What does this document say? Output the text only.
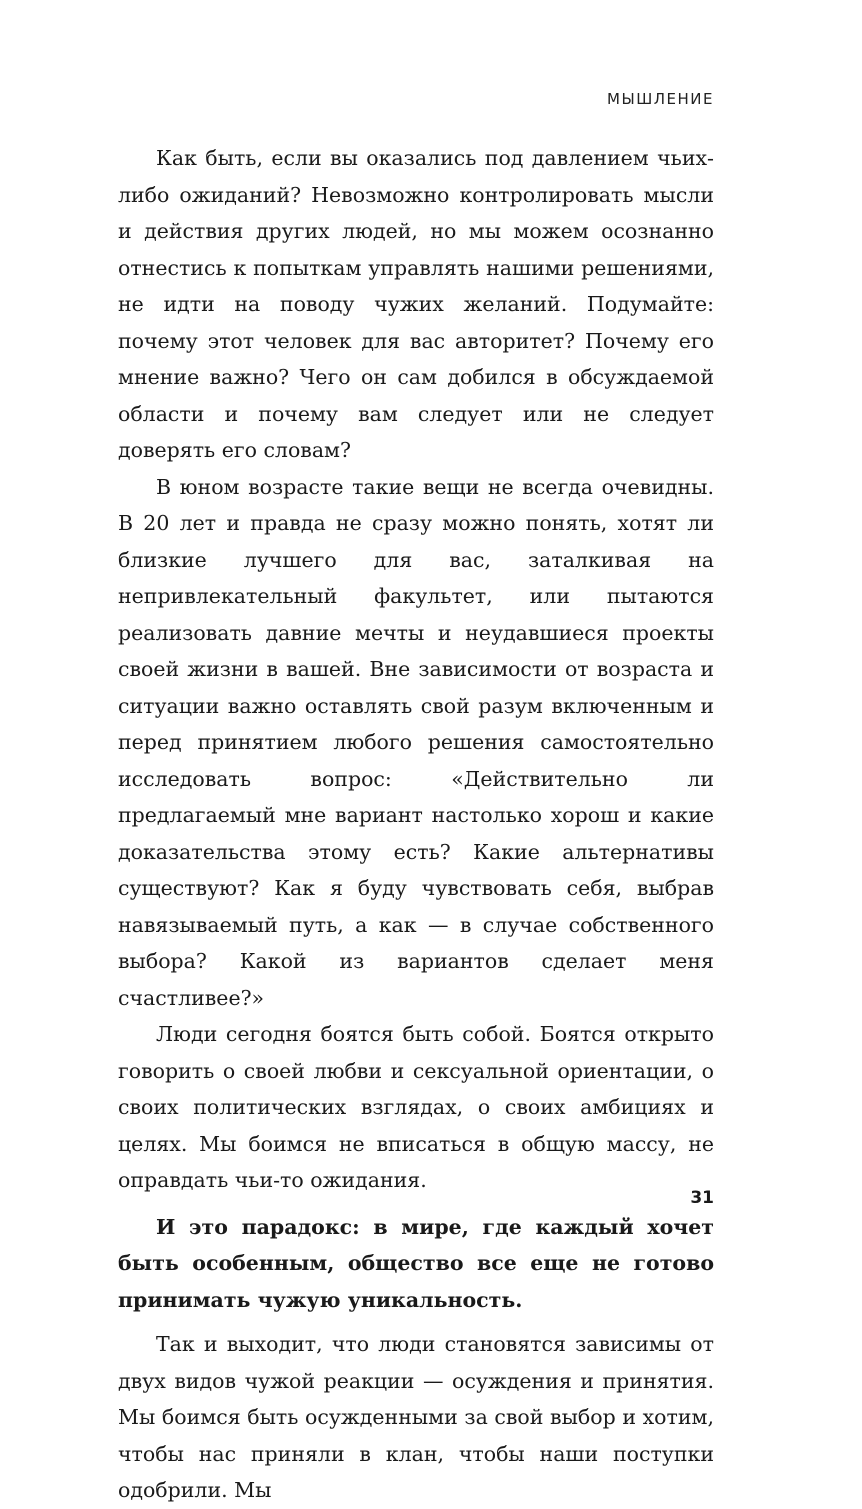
МЫШЛЕНИЕ

Как быть, если вы оказались под давлением чьих-либо ожиданий? Невозможно контролировать мысли и действия других людей, но мы можем осознанно отнестись к попыткам управлять нашими решениями, не идти на поводу чужих желаний. Подумайте: почему этот человек для вас авторитет? Почему его мнение важно? Чего он сам добился в обсуждаемой области и почему вам следует или не следует доверять его словам?

В юном возрасте такие вещи не всегда очевидны. В 20 лет и правда не сразу можно понять, хотят ли близкие лучшего для вас, заталкивая на непривлекательный факультет, или пытаются реализовать давние мечты и неудавшиеся проекты своей жизни в вашей. Вне зависимости от возраста и ситуации важно оставлять свой разум включенным и перед принятием любого решения самостоятельно исследовать вопрос: «Действительно ли предлагаемый мне вариант настолько хорош и какие доказательства этому есть? Какие альтернативы существуют? Как я буду чувствовать себя, выбрав навязываемый путь, а как — в случае собственного выбора? Какой из вариантов сделает меня счастливее?»

Люди сегодня боятся быть собой. Боятся открыто говорить о своей любви и сексуальной ориентации, о своих политических взглядах, о своих амбициях и целях. Мы боимся не вписаться в общую массу, не оправдать чьи-то ожидания.

И это парадокс: в мире, где каждый хочет быть особенным, общество все еще не готово принимать чужую уникальность.

Так и выходит, что люди становятся зависимы от двух видов чужой реакции — осуждения и принятия. Мы боимся быть осужденными за свой выбор и хотим, чтобы нас приняли в клан, чтобы наши поступки одобрили. Мы

31
